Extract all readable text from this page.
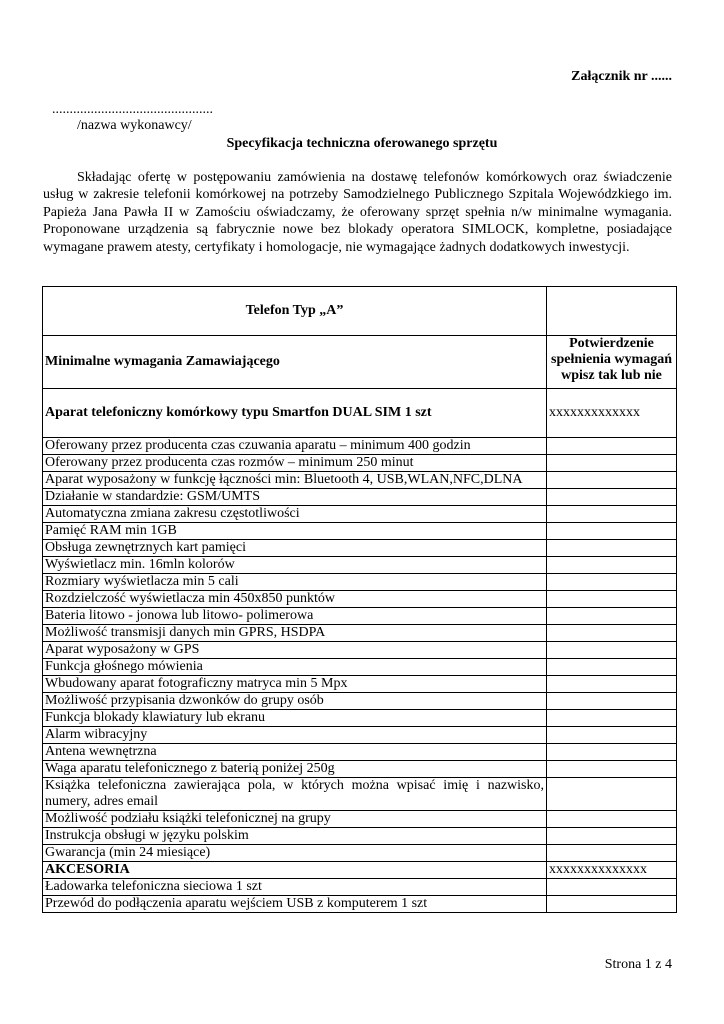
Załącznik nr ......
..............................................
/nazwa wykonawcy/
Specyfikacja techniczna oferowanego sprzętu

Składając ofertę w postępowaniu zamówienia na dostawę telefonów komórkowych oraz świadczenie usług w zakresie telefonii komórkowej na potrzeby Samodzielnego Publicznego Szpitala Wojewódzkiego im. Papieża Jana Pawła II w Zamościu oświadczamy, że oferowany sprzęt spełnia n/w minimalne wymagania. Proponowane urządzenia są fabrycznie nowe bez blokady operatora SIMLOCK, kompletne, posiadające wymagane prawem atesty, certyfikaty i homologacje, nie wymagające żadnych dodatkowych inwestycji.

Telefon Typ „A”	
Minimalne wymagania Zamawiającego	Potwierdzenie
spełnienia wymagań
wpisz tak lub nie

Aparat telefoniczny komórkowy typu Smartfon DUAL SIM 1 szt	xxxxxxxxxxxxx
Oferowany przez producenta czas czuwania aparatu – minimum 400 godzin	
Oferowany przez producenta czas rozmów – minimum 250 minut	
Aparat wyposażony w funkcję łączności min: Bluetooth 4, USB,WLAN,NFC,DLNA	
Działanie w standardzie: GSM/UMTS	
Automatyczna zmiana zakresu częstotliwości	
Pamięć RAM min 1GB	
Obsługa zewnętrznych kart pamięci	
Wyświetlacz min. 16mln kolorów	
Rozmiary wyświetlacza min 5 cali	
Rozdzielczość wyświetlacza min 450x850 punktów	
Bateria litowo - jonowa lub litowo- polimerowa	
Możliwość transmisji danych min GPRS, HSDPA	
Aparat wyposażony w GPS	
Funkcja głośnego mówienia	
Wbudowany aparat fotograficzny matryca min 5 Mpx	
Możliwość przypisania dzwonków do grupy osób	
Funkcja blokady klawiatury lub ekranu	
Alarm wibracyjny	
Antena wewnętrzna	
Waga aparatu telefonicznego z baterią poniżej 250g	
Książka telefoniczna zawierająca pola, w których można wpisać imię i nazwisko, numery, adres email	
Możliwość podziału książki telefonicznej na grupy	
Instrukcja obsługi w języku polskim	
Gwarancja (min 24 miesiące)	
AKCESORIA	xxxxxxxxxxxxxx
Ładowarka telefoniczna sieciowa 1 szt	
Przewód do podłączenia aparatu wejściem USB z komputerem 1 szt	
Strona 1 z 4
